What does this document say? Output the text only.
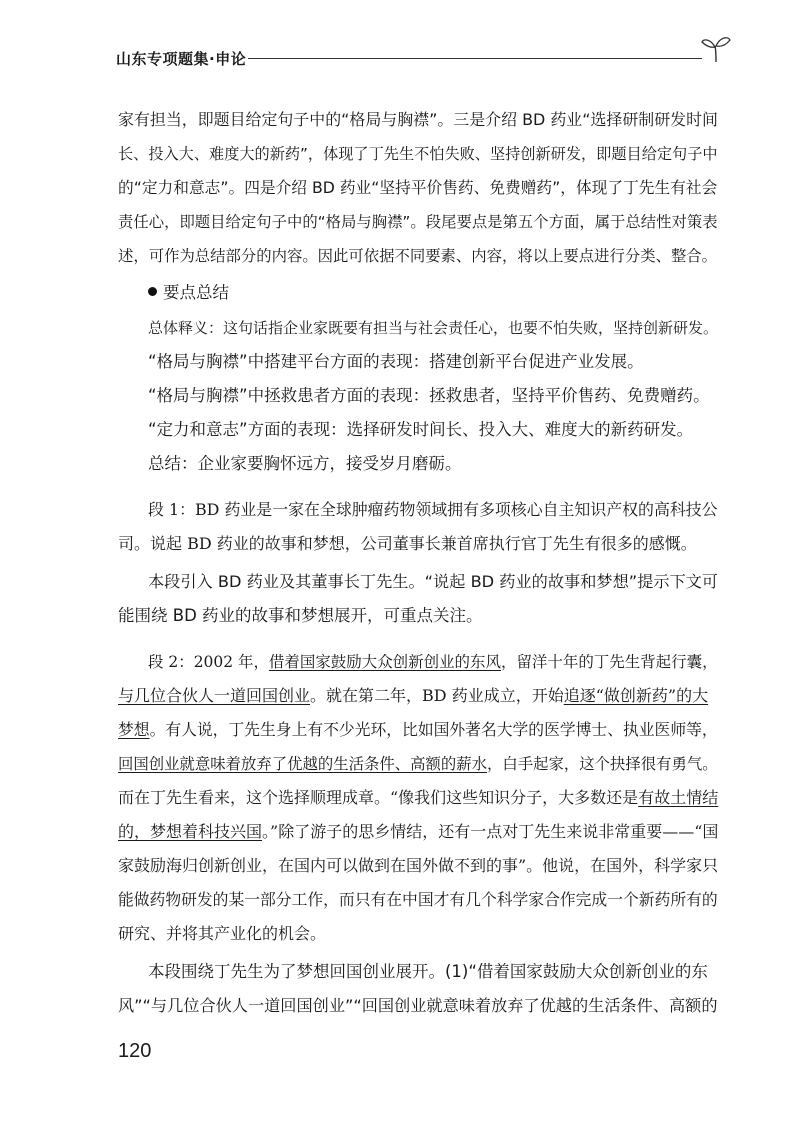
山东专项题集·申论

家有担当，即题目给定句子中的“格局与胸襟”。三是介绍 BD 药业“选择研制研发时间

长、投入大、难度大的新药”，体现了丁先生不怕失败、坚持创新研发，即题目给定句子中

的“定力和意志”。四是介绍 BD 药业“坚持平价售药、免费赠药”，体现了丁先生有社会

责任心，即题目给定句子中的“格局与胸襟”。段尾要点是第五个方面，属于总结性对策表

述，可作为总结部分的内容。因此可依据不同要素、内容，将以上要点进行分类、整合。

要点总结

总体释义：这句话指企业家既要有担当与社会责任心，也要不怕失败，坚持创新研发。

“格局与胸襟”中搭建平台方面的表现：搭建创新平台促进产业发展。

“格局与胸襟”中拯救患者方面的表现：拯救患者，坚持平价售药、免费赠药。

“定力和意志”方面的表现：选择研发时间长、投入大、难度大的新药研发。

总结：企业家要胸怀远方，接受岁月磨砺。

段 1：BD 药业是一家在全球肿瘤药物领域拥有多项核心自主知识产权的高科技公

司。说起 BD 药业的故事和梦想，公司董事长兼首席执行官丁先生有很多的感慨。

本段引入 BD 药业及其董事长丁先生。“说起 BD 药业的故事和梦想”提示下文可

能围绕 BD 药业的故事和梦想展开，可重点关注。

段 2：2002 年，借着国家鼓励大众创新创业的东风，留洋十年的丁先生背起行囊，

与几位合伙人一道回国创业。就在第二年，BD 药业成立，开始追逐“做创新药”的大

梦想。有人说，丁先生身上有不少光环，比如国外著名大学的医学博士、执业医师等，

回国创业就意味着放弃了优越的生活条件、高额的薪水，白手起家，这个抉择很有勇气。

而在丁先生看来，这个选择顺理成章。“像我们这些知识分子，大多数还是有故土情结

的，梦想着科技兴国。”除了游子的思乡情结，还有一点对丁先生来说非常重要——“国

家鼓励海归创新创业，在国内可以做到在国外做不到的事”。他说，在国外，科学家只

能做药物研发的某一部分工作，而只有在中国才有几个科学家合作完成一个新药所有的

研究、并将其产业化的机会。

本段围绕丁先生为了梦想回国创业展开。(1)“借着国家鼓励大众创新创业的东

风”“与几位合伙人一道回国创业”“回国创业就意味着放弃了优越的生活条件、高额的

120
